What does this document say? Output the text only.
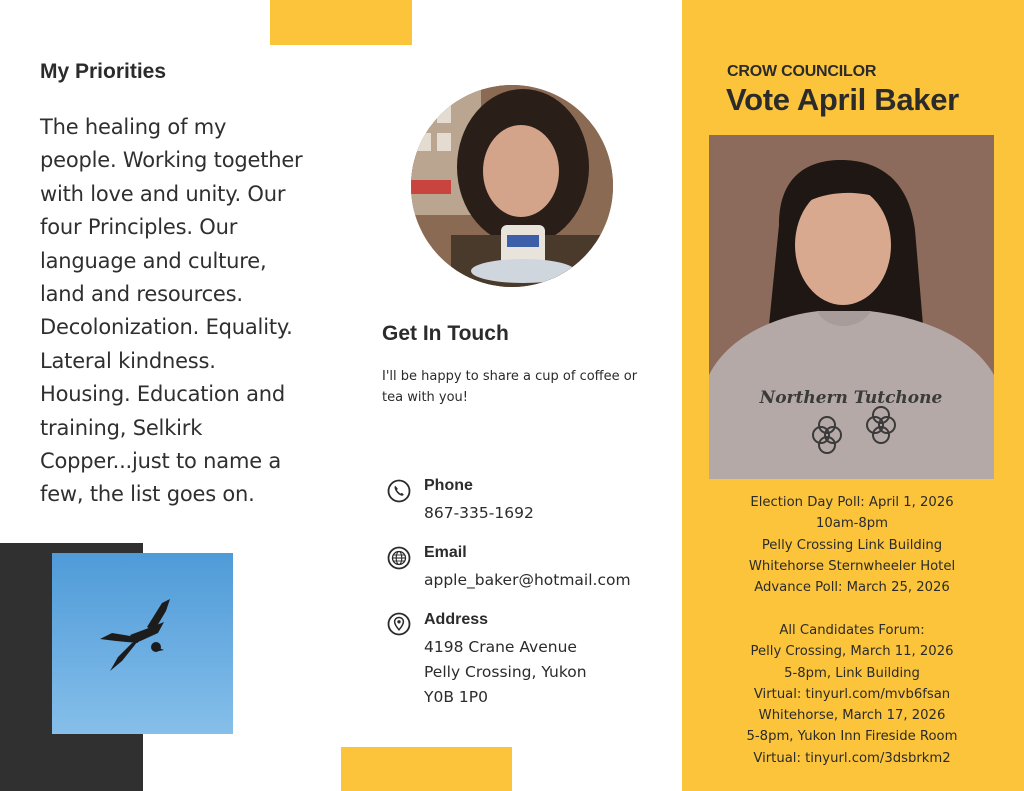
My Priorities
The healing of my
people. Working together
with love and unity. Our
four Principles. Our
language and culture,
land and resources.
Decolonization. Equality.
Lateral kindness.
Housing. Education and
training, Selkirk
Copper...just to name a
few, the list goes on.
Get In Touch
I'll be happy to share a cup of coffee or
tea with you!
Phone
867-335-1692
Email
apple_baker@hotmail.com
Address
4198 Crane Avenue
Pelly Crossing, Yukon
Y0B 1P0
CROW COUNCILOR
Vote April Baker
Northern Tutchone
Election Day Poll: April 1, 2026
10am-8pm
Pelly Crossing Link Building
Whitehorse Sternwheeler Hotel
Advance Poll: March 25, 2026
All Candidates Forum:
Pelly Crossing, March 11, 2026
5-8pm, Link Building
Virtual: tinyurl.com/mvb6fsan
Whitehorse, March 17, 2026
5-8pm, Yukon Inn Fireside Room
Virtual: tinyurl.com/3dsbrkm2
